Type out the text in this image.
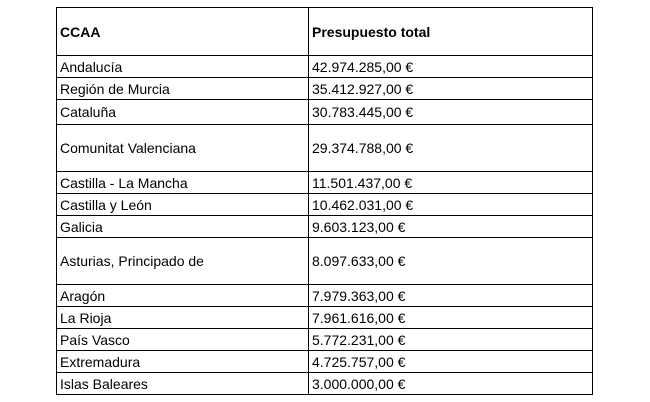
CCAA	Presupuesto total
Andalucía	42.974.285,00 €
Región de Murcia	35.412.927,00 €
Cataluña	30.783.445,00 €
Comunitat Valenciana	29.374.788,00 €
Castilla - La Mancha	11.501.437,00 €
Castilla y León	10.462.031,00 €
Galicia	9.603.123,00 €
Asturias, Principado de	8.097.633,00 €
Aragón	7.979.363,00 €
La Rioja	7.961.616,00 €
País Vasco	5.772.231,00 €
Extremadura	4.725.757,00 €
Islas Baleares	3.000.000,00 €
